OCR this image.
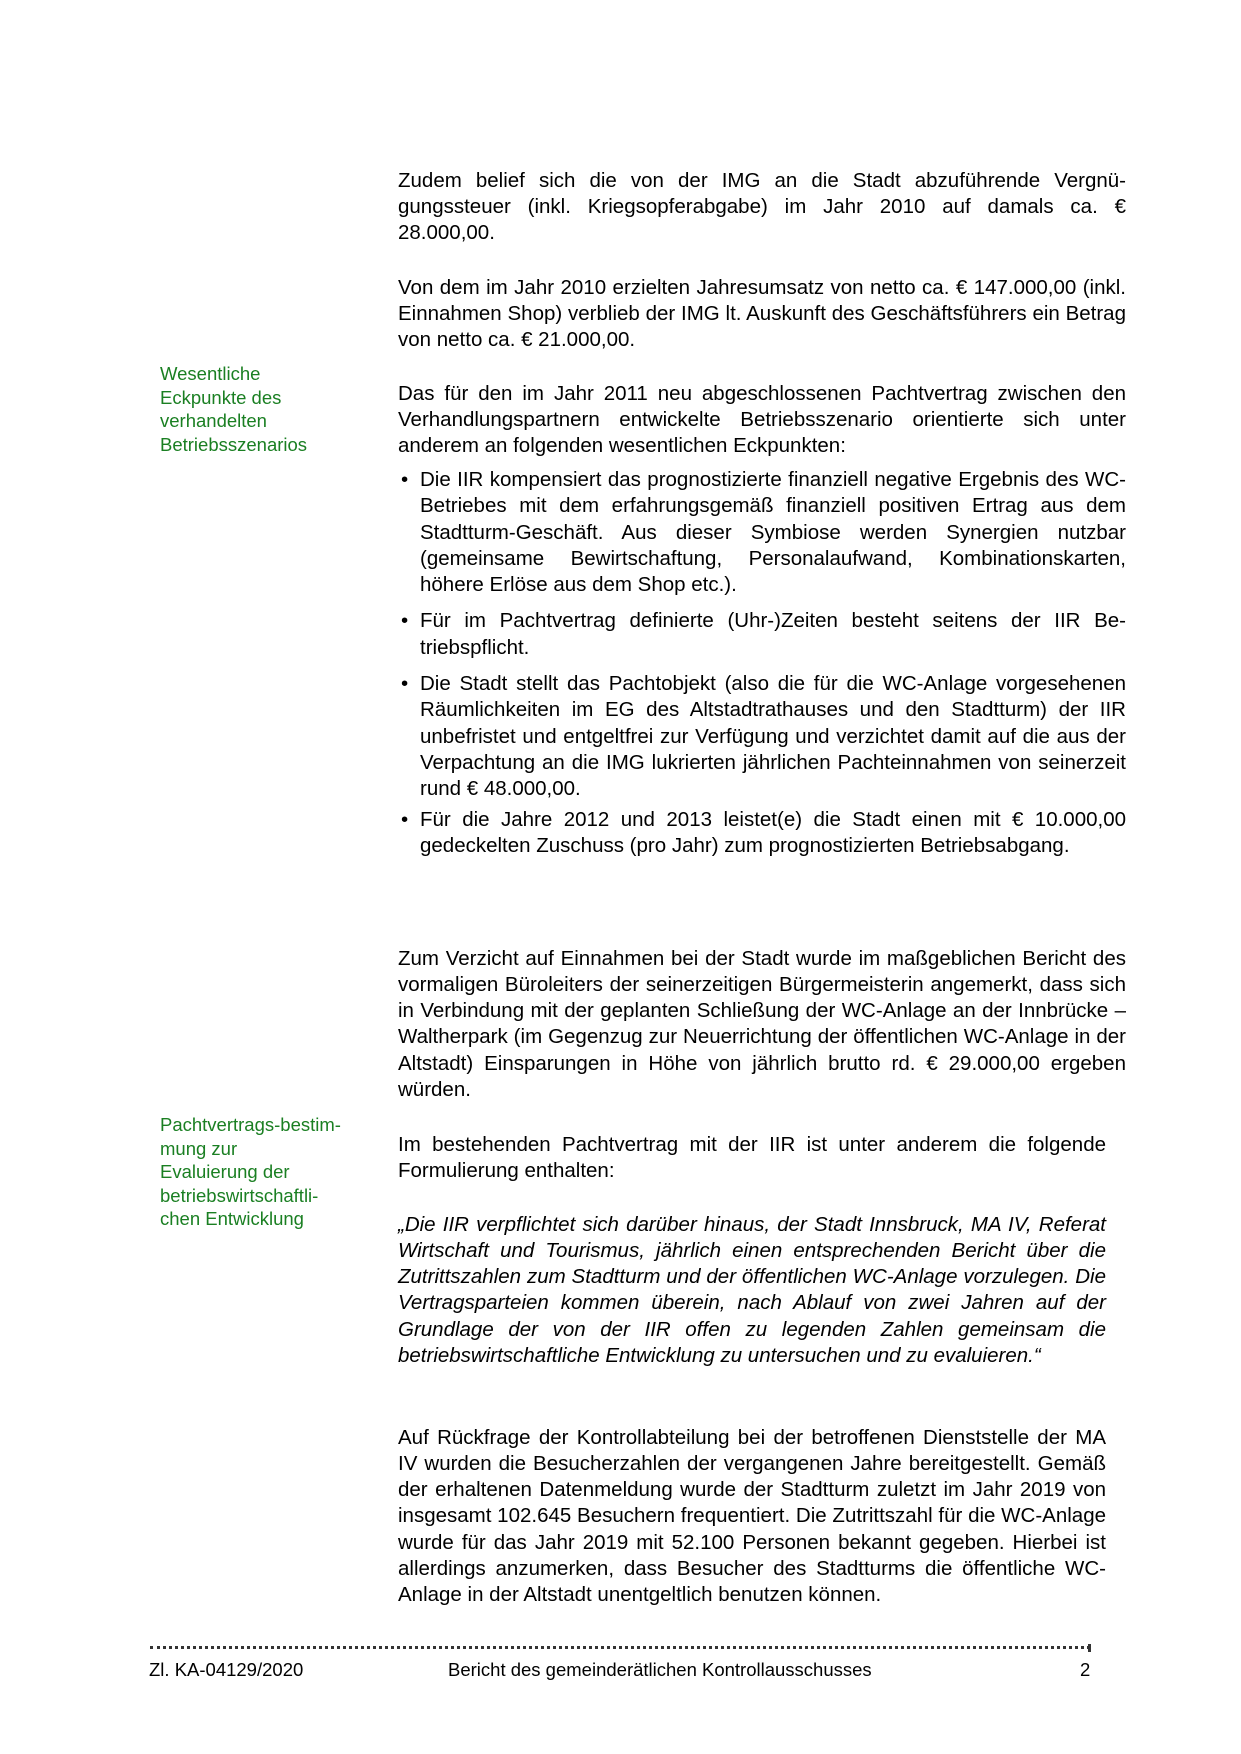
Zudem belief sich die von der IMG an die Stadt abzuführende Vergnügungssteuer (inkl. Kriegsopferabgabe) im Jahr 2010 auf damals ca. € 28.000,00.

Von dem im Jahr 2010 erzielten Jahresumsatz von netto ca. € 147.000,00 (inkl. Einnahmen Shop) verblieb der IMG lt. Auskunft des Geschäftsführers ein Betrag von netto ca. € 21.000,00.

Wesentliche
Eckpunkte des
verhandelten
Betriebsszenarios

Das für den im Jahr 2011 neu abgeschlossenen Pachtvertrag zwischen den Verhandlungspartnern entwickelte Betriebsszenario orientierte sich unter anderem an folgenden wesentlichen Eckpunkten:

• Die IIR kompensiert das prognostizierte finanziell negative Ergebnis des WC-Betriebes mit dem erfahrungsgemäß finanziell positiven Ertrag aus dem Stadtturm-Geschäft. Aus dieser Symbiose werden Synergien nutzbar (gemeinsame Bewirtschaftung, Personalaufwand, Kombinationskarten, höhere Erlöse aus dem Shop etc.).
• Für im Pachtvertrag definierte (Uhr-)Zeiten besteht seitens der IIR Betriebspflicht.
• Die Stadt stellt das Pachtobjekt (also die für die WC-Anlage vorgesehenen Räumlichkeiten im EG des Altstadtrathauses und den Stadtturm) der IIR unbefristet und entgeltfrei zur Verfügung und verzichtet damit auf die aus der Verpachtung an die IMG lukrierten jährlichen Pachteinnahmen von seinerzeit rund € 48.000,00.
• Für die Jahre 2012 und 2013 leistet(e) die Stadt einen mit € 10.000,00 gedeckelten Zuschuss (pro Jahr) zum prognostizierten Betriebsabgang.

Zum Verzicht auf Einnahmen bei der Stadt wurde im maßgeblichen Bericht des vormaligen Büroleiters der seinerzeitigen Bürgermeisterin angemerkt, dass sich in Verbindung mit der geplanten Schließung der WC-Anlage an der Innbrücke – Waltherpark (im Gegenzug zur Neuerrichtung der öffentlichen WC-Anlage in der Altstadt) Einsparungen in Höhe von jährlich brutto rd. € 29.000,00 ergeben würden.

Pachtvertrags-bestim-
mung zur
Evaluierung der
betriebswirtschaftli-
chen Entwicklung

Im bestehenden Pachtvertrag mit der IIR ist unter anderem die folgende Formulierung enthalten:

„Die IIR verpflichtet sich darüber hinaus, der Stadt Innsbruck, MA IV, Referat Wirtschaft und Tourismus, jährlich einen entsprechenden Bericht über die Zutrittszahlen zum Stadtturm und der öffentlichen WC-Anlage vorzulegen. Die Vertragsparteien kommen überein, nach Ablauf von zwei Jahren auf der Grundlage der von der IIR offen zu legenden Zahlen gemeinsam die betriebswirtschaftliche Entwicklung zu untersuchen und zu evaluieren.“

Auf Rückfrage der Kontrollabteilung bei der betroffenen Dienststelle der MA IV wurden die Besucherzahlen der vergangenen Jahre bereitgestellt. Gemäß der erhaltenen Datenmeldung wurde der Stadtturm zuletzt im Jahr 2019 von insgesamt 102.645 Besuchern frequentiert. Die Zutrittszahl für die WC-Anlage wurde für das Jahr 2019 mit 52.100 Personen bekannt gegeben. Hierbei ist allerdings anzumerken, dass Besucher des Stadtturms die öffentliche WC-Anlage in der Altstadt unentgeltlich benutzen können.

Zl. KA-04129/2020	Bericht des gemeinderätlichen Kontrollausschusses	2
